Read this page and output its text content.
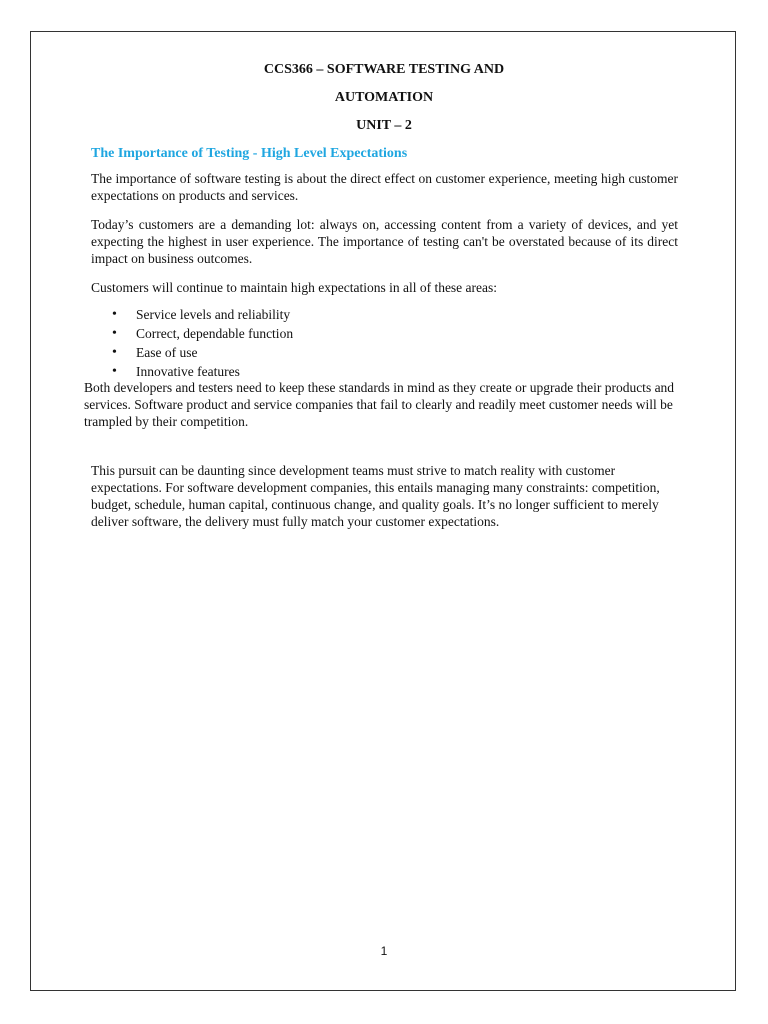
CCS366 – SOFTWARE TESTING AND
AUTOMATION
UNIT – 2
The Importance of Testing - High Level Expectations

The importance of software testing is about the direct effect on customer experience, meeting high customer expectations on products and services.

Today’s customers are a demanding lot: always on, accessing content from a variety of devices, and yet expecting the highest in user experience. The importance of testing can't be overstated because of its direct impact on business outcomes.

Customers will continue to maintain high expectations in all of these areas:

• Service levels and reliability
• Correct, dependable function
• Ease of use
• Innovative features

Both developers and testers need to keep these standards in mind as they create or upgrade their products and services. Software product and service companies that fail to clearly and readily meet customer needs will be trampled by their competition.

This pursuit can be daunting since development teams must strive to match reality with customer expectations. For software development companies, this entails managing many constraints: competition, budget, schedule, human capital, continuous change, and quality goals. It’s no longer sufficient to merely deliver software, the delivery must fully match your customer expectations.

1
